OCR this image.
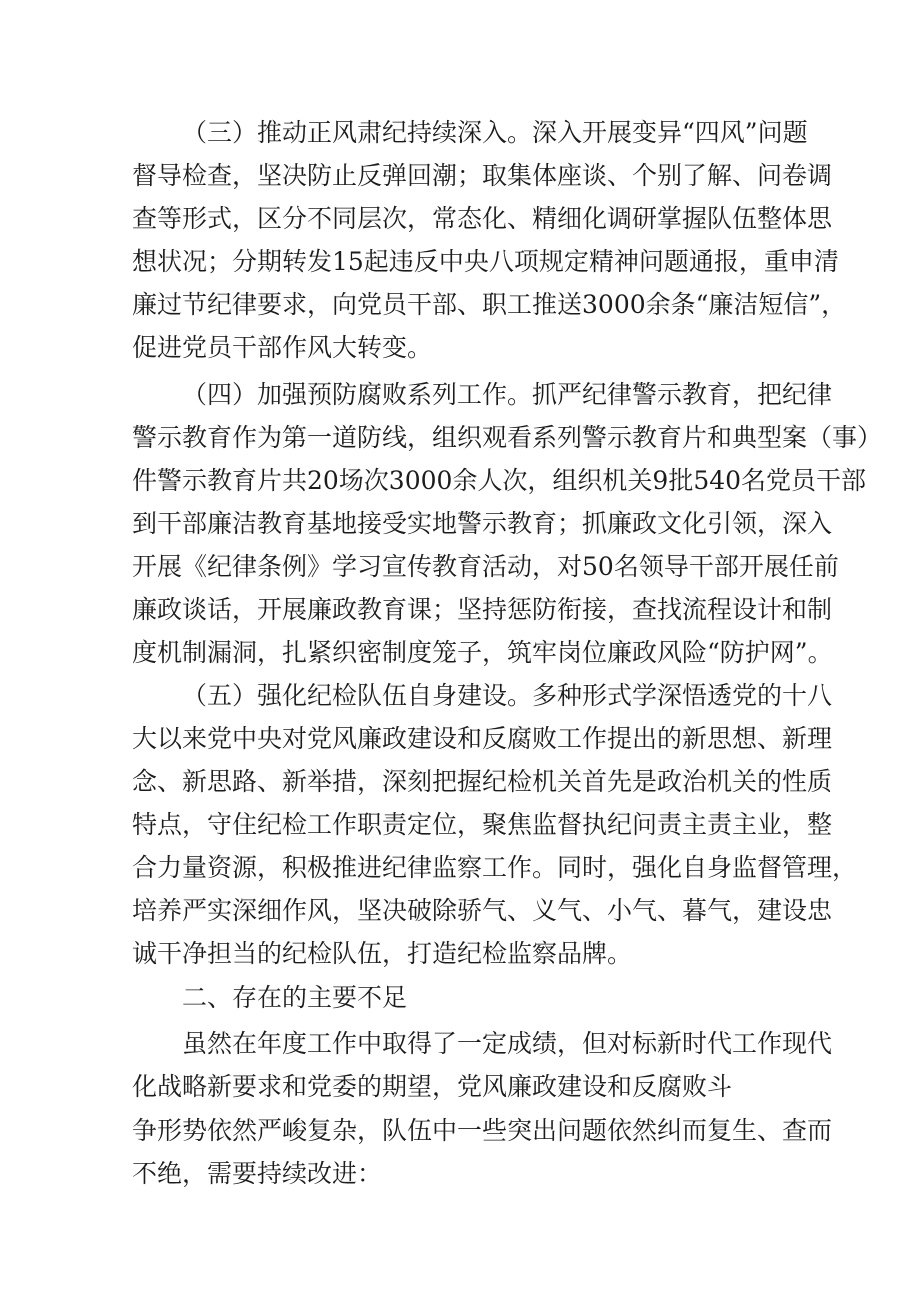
（三）推动正风肃纪持续深入。深入开展变异“四风”问题
督导检查，坚决防止反弹回潮；取集体座谈、个别了解、问卷调
查等形式，区分不同层次，常态化、精细化调研掌握队伍整体思
想状况；分期转发15起违反中央八项规定精神问题通报，重申清
廉过节纪律要求，向党员干部、职工推送3000余条“廉洁短信”，
促进党员干部作风大转变。
（四）加强预防腐败系列工作。抓严纪律警示教育，把纪律
警示教育作为第一道防线，组织观看系列警示教育片和典型案（事）
件警示教育片共20场次3000余人次，组织机关9批540名党员干部
到干部廉洁教育基地接受实地警示教育；抓廉政文化引领，深入
开展《纪律条例》学习宣传教育活动，对50名领导干部开展任前
廉政谈话，开展廉政教育课；坚持惩防衔接，查找流程设计和制
度机制漏洞，扎紧织密制度笼子，筑牢岗位廉政风险“防护网”。
（五）强化纪检队伍自身建设。多种形式学深悟透党的十八
大以来党中央对党风廉政建设和反腐败工作提出的新思想、新理
念、新思路、新举措，深刻把握纪检机关首先是政治机关的性质
特点，守住纪检工作职责定位，聚焦监督执纪问责主责主业，整
合力量资源，积极推进纪律监察工作。同时，强化自身监督管理，
培养严实深细作风，坚决破除骄气、义气、小气、暮气，建设忠
诚干净担当的纪检队伍，打造纪检监察品牌。
二、存在的主要不足
虽然在年度工作中取得了一定成绩，但对标新时代工作现代
化战略新要求和党委的期望，党风廉政建设和反腐败斗
争形势依然严峻复杂，队伍中一些突出问题依然纠而复生、查而
不绝，需要持续改进：
